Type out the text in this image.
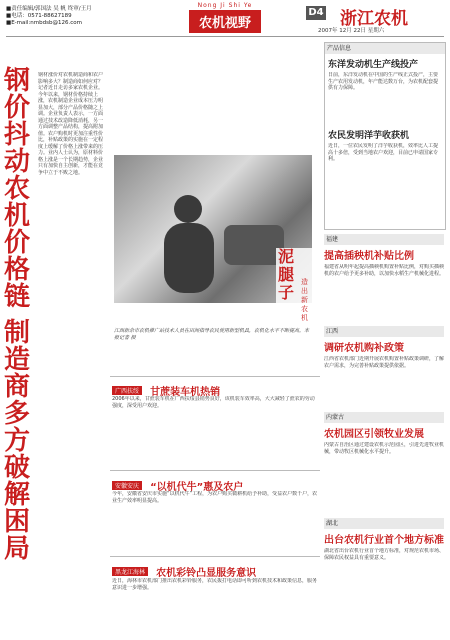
■责任编辑/郭国法 吴 帆 终审/王月
■电话：0571-88627189
■E-mail:nmbdsb@126.com
Nong Ji Shi Ye
农机视野
D4 浙江农机
2007年 12月 22日 星期六
钢价抖动农机价格链
制造商多方破解困局
钢材涨价对农机制造商和农户影响多大？制造商如何应对？记者近日走访多家农机企业。今年以来，钢材价格持续上涨，农机制造企业成本压力明显加大，部分产品价格随之上调。企业负责人表示，一方面通过技术改造降低消耗，另一方面调整产品结构，提高附加值。农户购机时更加注重性价比，补贴政策的实施在一定程度上缓解了价格上涨带来的压力。业内人士认为，原材料价格上涨是一个长期趋势，企业只有加快自主创新，才能在竞争中立于不败之地。
泥腿子
造出新农机
江西新余市农机推广站技术人员在田间指导农民使用新型机具，农机化水平不断提高。本报记者 摄
广西扶绥 甘蔗装车机热销
2006年以来，甘蔗装车机在广西扶绥县销势良好，该机装车效率高，大大减轻了蔗农的劳动强度，深受用户欢迎。
安徽安庆 “以机代牛”惠及农户
今年，安徽省安庆市实施“以机代牛”工程，为农户购买微耕机给予补助，受益农户数千户，农业生产效率明显提高。
黑龙江海林 农机彩铃凸显服务意识
近日，海林市农机部门推出农机彩铃服务，农民拨打电话即可听到农机技术和政策信息，服务意识进一步增强。
产品信息
东洋发动机生产线投产
日前，东洋发动机在中国的生产线正式投产，主要生产农用发动机，年产能达数万台，为农机配套提供有力保障。
农民发明洋芋收获机
近日，一位农民发明了洋芋收获机，效率比人工提高十多倍，受到当地农户欢迎，目前已申请国家专利。
福建
提高插秧机补贴比例
福建省从明年起提高插秧机购置补贴比例，对购买插秧机的农户给予更多补助，以加快水稻生产机械化进程。
江西
调研农机购补政策
江西省农机部门近期开展农机购置补贴政策调研，了解农户需求，为完善补贴政策提供依据。
内蒙古
农机园区引领牧业发展
内蒙古自治区通过建设农机示范园区，引进先进牧业机械，带动牧区机械化水平提升。
湖北
出台农机行业首个地方标准
湖北省出台农机行业首个地方标准，对规范农机市场、保障农民权益具有重要意义。
